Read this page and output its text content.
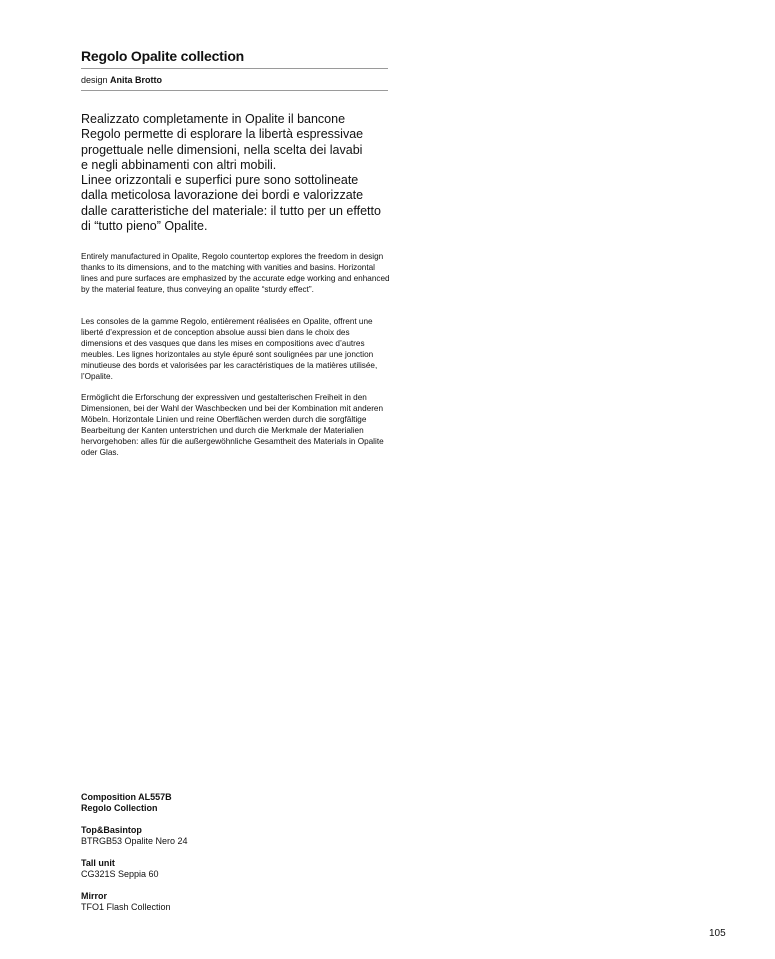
Regolo Opalite collection

design Anita Brotto

Realizzato completamente in Opalite il bancone
Regolo permette di esplorare la libertà espressivae
progettuale nelle dimensioni, nella scelta dei lavabi
e negli abbinamenti con altri mobili.
Linee orizzontali e superfici pure sono sottolineate
dalla meticolosa lavorazione dei bordi e valorizzate
dalle caratteristiche del materiale: il tutto per un effetto
di “tutto pieno” Opalite.

Entirely manufactured in Opalite, Regolo countertop explores the freedom in design thanks to its dimensions, and to the matching with vanities and basins. Horizontal lines and pure surfaces are emphasized by the accurate edge working and enhanced by the material feature, thus conveying an opalite “sturdy effect”.

Les consoles de la gamme Regolo, entièrement réalisées en Opalite, offrent une liberté d’expression et de conception absolue aussi bien dans le choix des dimensions et des vasques que dans les mises en compositions avec d’autres meubles. Les lignes horizontales au style épuré sont soulignées par une jonction minutieuse des bords et valorisées par les caractéristiques de la matières utilisée, l’Opalite.

Ermöglicht die Erforschung der expressiven und gestalterischen Freiheit in den Dimensionen, bei der Wahl der Waschbecken und bei der Kombination mit anderen Möbeln. Horizontale Linien und reine Oberflächen werden durch die sorgfältige Bearbeitung der Kanten unterstrichen und durch die Merkmale der Materialien hervorgehoben: alles für die außergewöhnliche Gesamtheit des Materials in Opalite oder Glas.

Composition AL557B
Regolo Collection
Top&Basintop
BTRGB53 Opalite Nero 24
Tall unit
CG321S Seppia 60
Mirror
TFO1 Flash Collection

105
